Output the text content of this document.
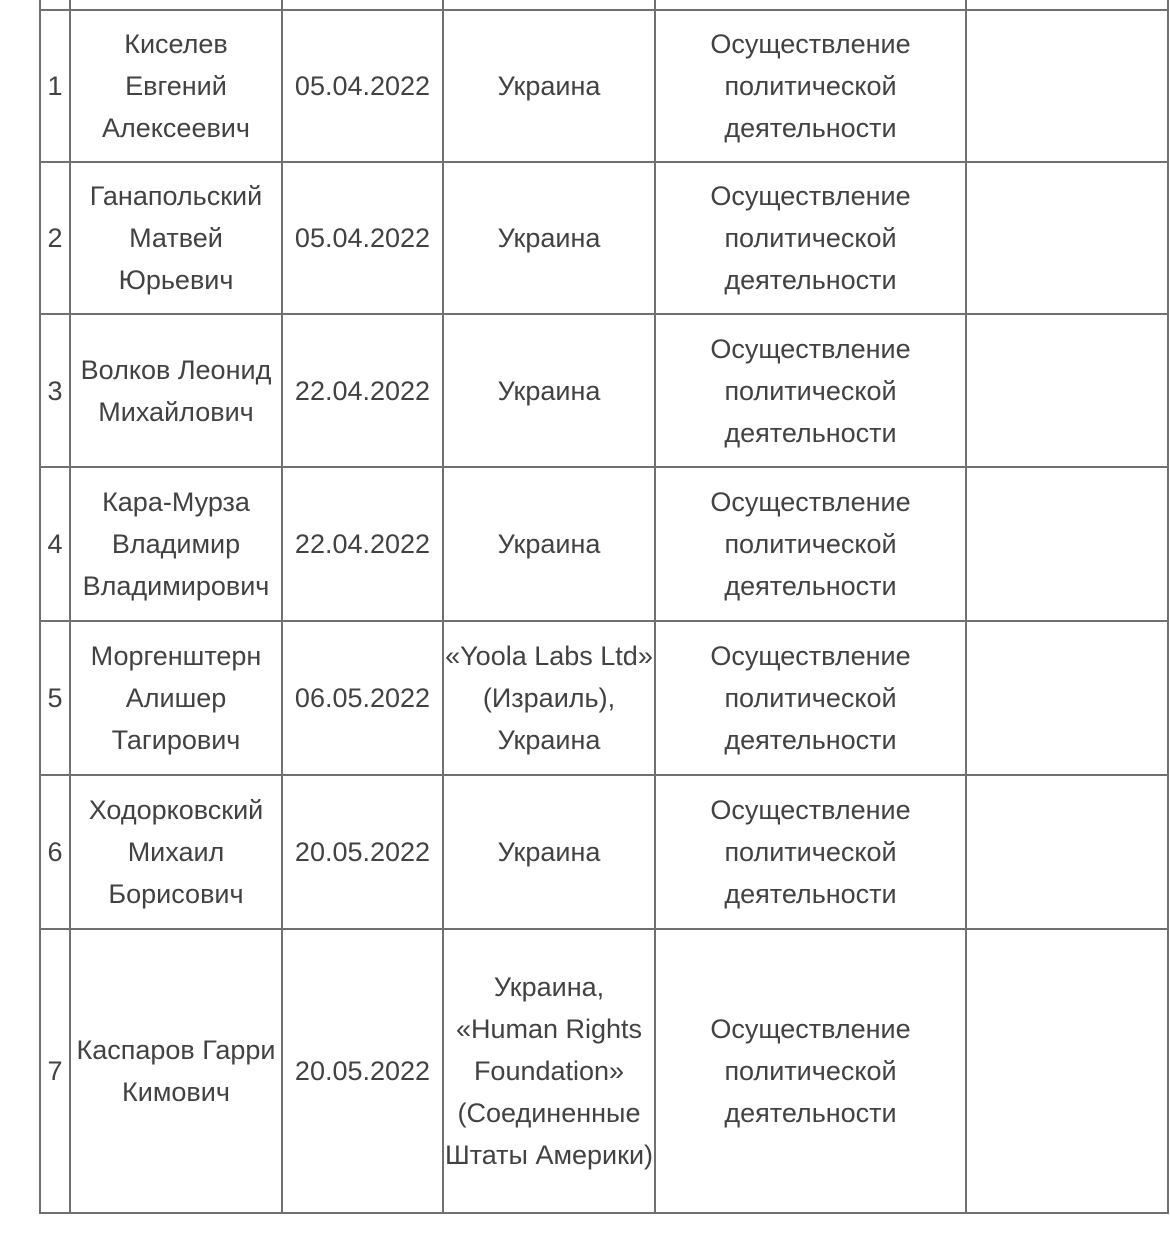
1	Киселев Евгений Алексеевич	05.04.2022	Украина	Осуществление политической деятельности	
2	Ганапольский Матвей Юрьевич	05.04.2022	Украина	Осуществление политической деятельности	
3	Волков Леонид Михайлович	22.04.2022	Украина	Осуществление политической деятельности	
4	Кара-Мурза Владимир Владимирович	22.04.2022	Украина	Осуществление политической деятельности	
5	Моргенштерн Алишер Тагирович	06.05.2022	«Yoola Labs Ltd» (Израиль), Украина	Осуществление политической деятельности	
6	Ходорковский Михаил Борисович	20.05.2022	Украина	Осуществление политической деятельности	
7	Каспаров Гарри Кимович	20.05.2022	Украина, «Human Rights Foundation» (Соединенные Штаты Америки)	Осуществление политической деятельности	
